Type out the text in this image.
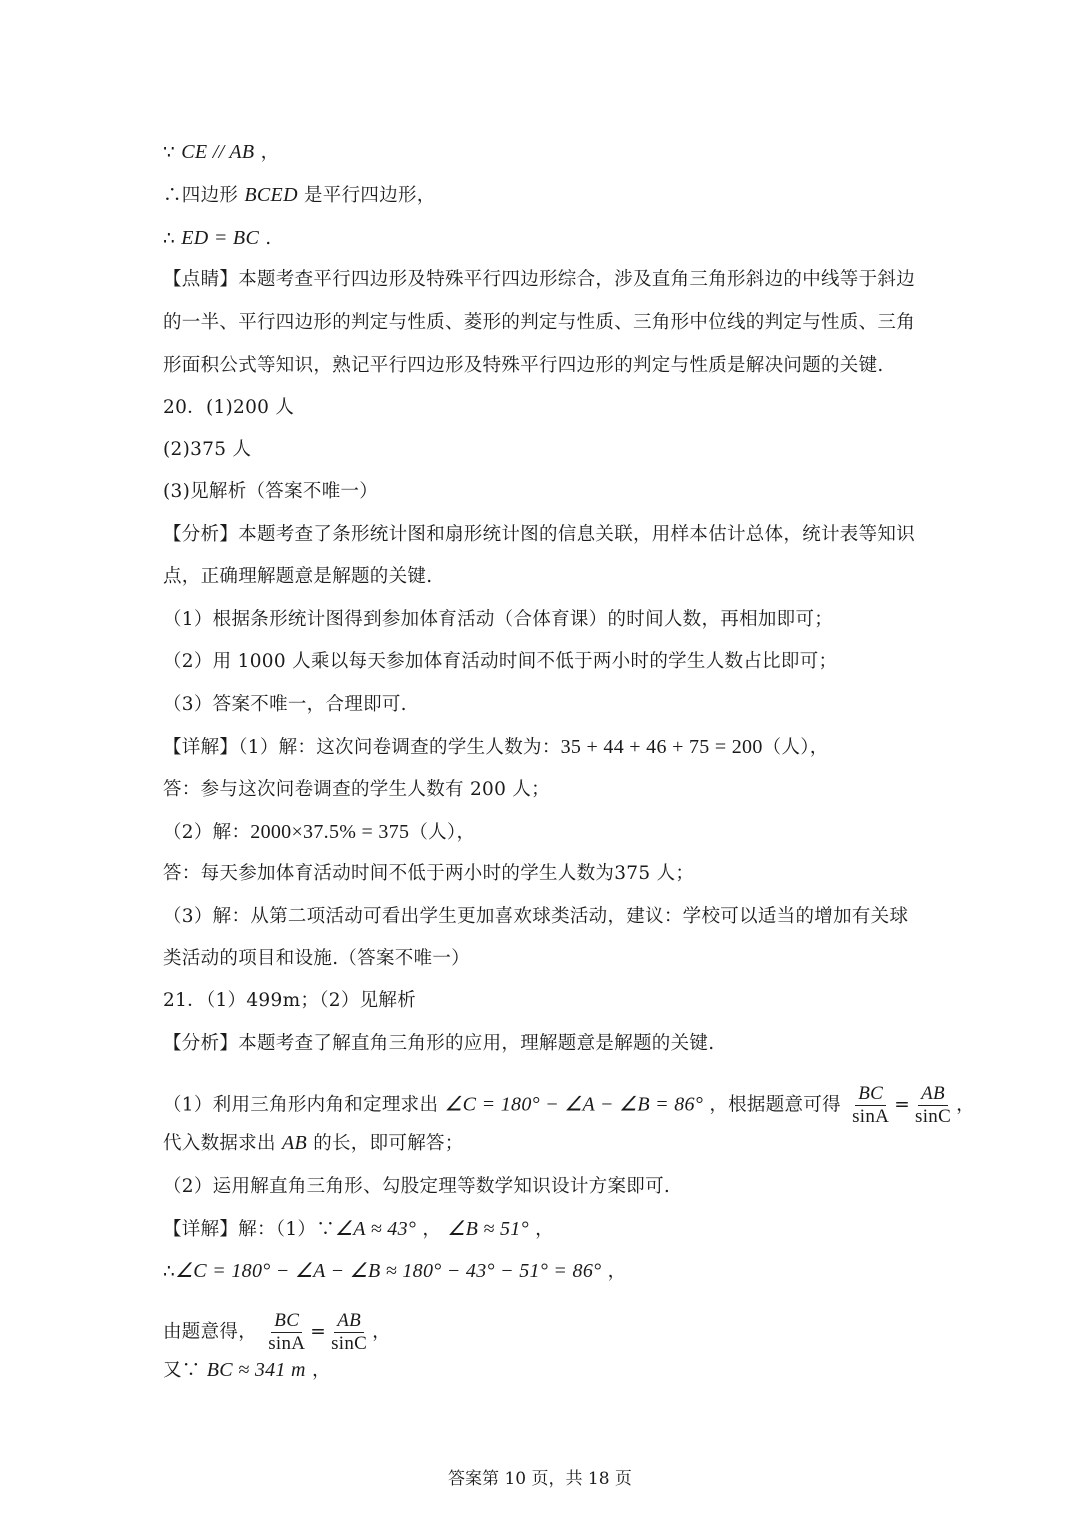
∵ CE // AB ，
∴四边形 BCED 是平行四边形，
∴ ED = BC .
【点睛】本题考查平行四边形及特殊平行四边形综合，涉及直角三角形斜边的中线等于斜边
的一半、平行四边形的判定与性质、菱形的判定与性质、三角形中位线的判定与性质、三角
形面积公式等知识，熟记平行四边形及特殊平行四边形的判定与性质是解决问题的关键.
20．(1)200 人
(2)375 人
(3)见解析（答案不唯一）
【分析】本题考查了条形统计图和扇形统计图的信息关联，用样本估计总体，统计表等知识
点，正确理解题意是解题的关键.
（1）根据条形统计图得到参加体育活动（合体育课）的时间人数，再相加即可；
（2）用 1000 人乘以每天参加体育活动时间不低于两小时的学生人数占比即可；
（3）答案不唯一，合理即可.
【详解】（1）解：这次问卷调查的学生人数为：35 + 44 + 46 + 75 = 200（人），
答：参与这次问卷调查的学生人数有 200 人；
（2）解：2000×37.5% = 375（人），
答：每天参加体育活动时间不低于两小时的学生人数为375 人；
（3）解：从第二项活动可看出学生更加喜欢球类活动，建议：学校可以适当的增加有关球
类活动的项目和设施.（答案不唯一）
21．（1）499m；（2）见解析
【分析】本题考查了解直角三角形的应用，理解题意是解题的关键.
（1）利用三角形内角和定理求出 ∠C = 180° − ∠A − ∠B = 86° ，根据题意可得 $\frac{BC}{\sin A} = \frac{AB}{\sin C}$ ，
代入数据求出 AB 的长，即可解答；
（2）运用解直角三角形、勾股定理等数学知识设计方案即可.
【详解】解：（1）∵∠A ≈ 43° ， ∠B ≈ 51° ，
∴∠C = 180° − ∠A − ∠B ≈ 180° − 43° − 51° = 86° ，
由题意得， $\frac{BC}{\sin A} = \frac{AB}{\sin C}$ ，
又∵ BC ≈ 341 m ，
答案第 10 页，共 18 页
